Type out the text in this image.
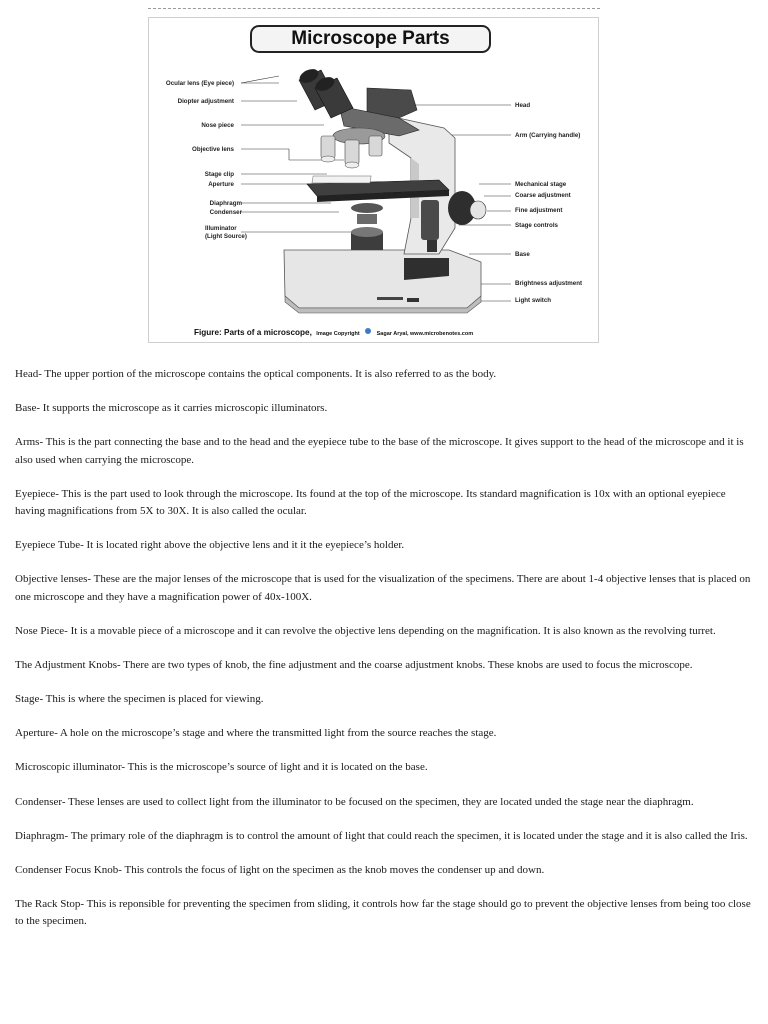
Microscope Parts
Ocular lens (Eye piece)
Diopter adjustment
Nose piece
Objective lens
Stage clip
Aperture
Diaphragm
Condenser
Illuminator
(Light Source)
Head
Arm (Carrying handle)
Mechanical stage
Coarse adjustment
Fine adjustment
Stage controls
Base
Brightness adjustment
Light switch
Figure: Parts of a microscope, Image Copyright	Sagar Aryal, www.microbenotes.com

Head- The upper portion of the microscope contains the optical components. It is also referred to as the body.

Base- It supports the microscope as it carries microscopic illuminators.

Arms- This is the part connecting the base and to the head and the eyepiece tube to the base of the microscope. It gives support to the head of the microscope and it is also used when carrying the microscope.

Eyepiece- This is the part used to look through the microscope. Its found at the top of the microscope. Its standard magnification is 10x with an optional eyepiece having magnifications from 5X to 30X. It is also called the ocular.

Eyepiece Tube- It is located right above the objective lens and it it the eyepiece’s holder.

Objective lenses- These are the major lenses of the microscope that is used for the visualization of the specimens. There are about 1-4 objective lenses that is placed on one microscope and they have a magnification power of 40x-100X.

Nose Piece- It is a movable piece of a microscope and it can revolve the objective lens depending on the magnification. It is also known as the revolving turret.

The Adjustment Knobs- There are two types of knob, the fine adjustment and the coarse adjustment knobs. These knobs are used to focus the microscope.

Stage- This is where the specimen is placed for viewing.

Aperture- A hole on the microscope’s stage and where the transmitted light from the source reaches the stage.

Microscopic illuminator- This is the microscope’s source of light and it is located on the base.

Condenser- These lenses are used to collect light from the illuminator to be focused on the specimen, they are located unded the stage near the diaphragm.

Diaphragm- The primary role of the diaphragm is to control the amount of light that could reach the specimen, it is located under the stage and it is also called the Iris.

Condenser Focus Knob- This controls the focus of light on the specimen as the knob moves the condenser up and down.

The Rack Stop- This is reponsible for preventing the specimen from sliding, it controls how far the stage should go to prevent the objective lenses from being too close to the specimen.
